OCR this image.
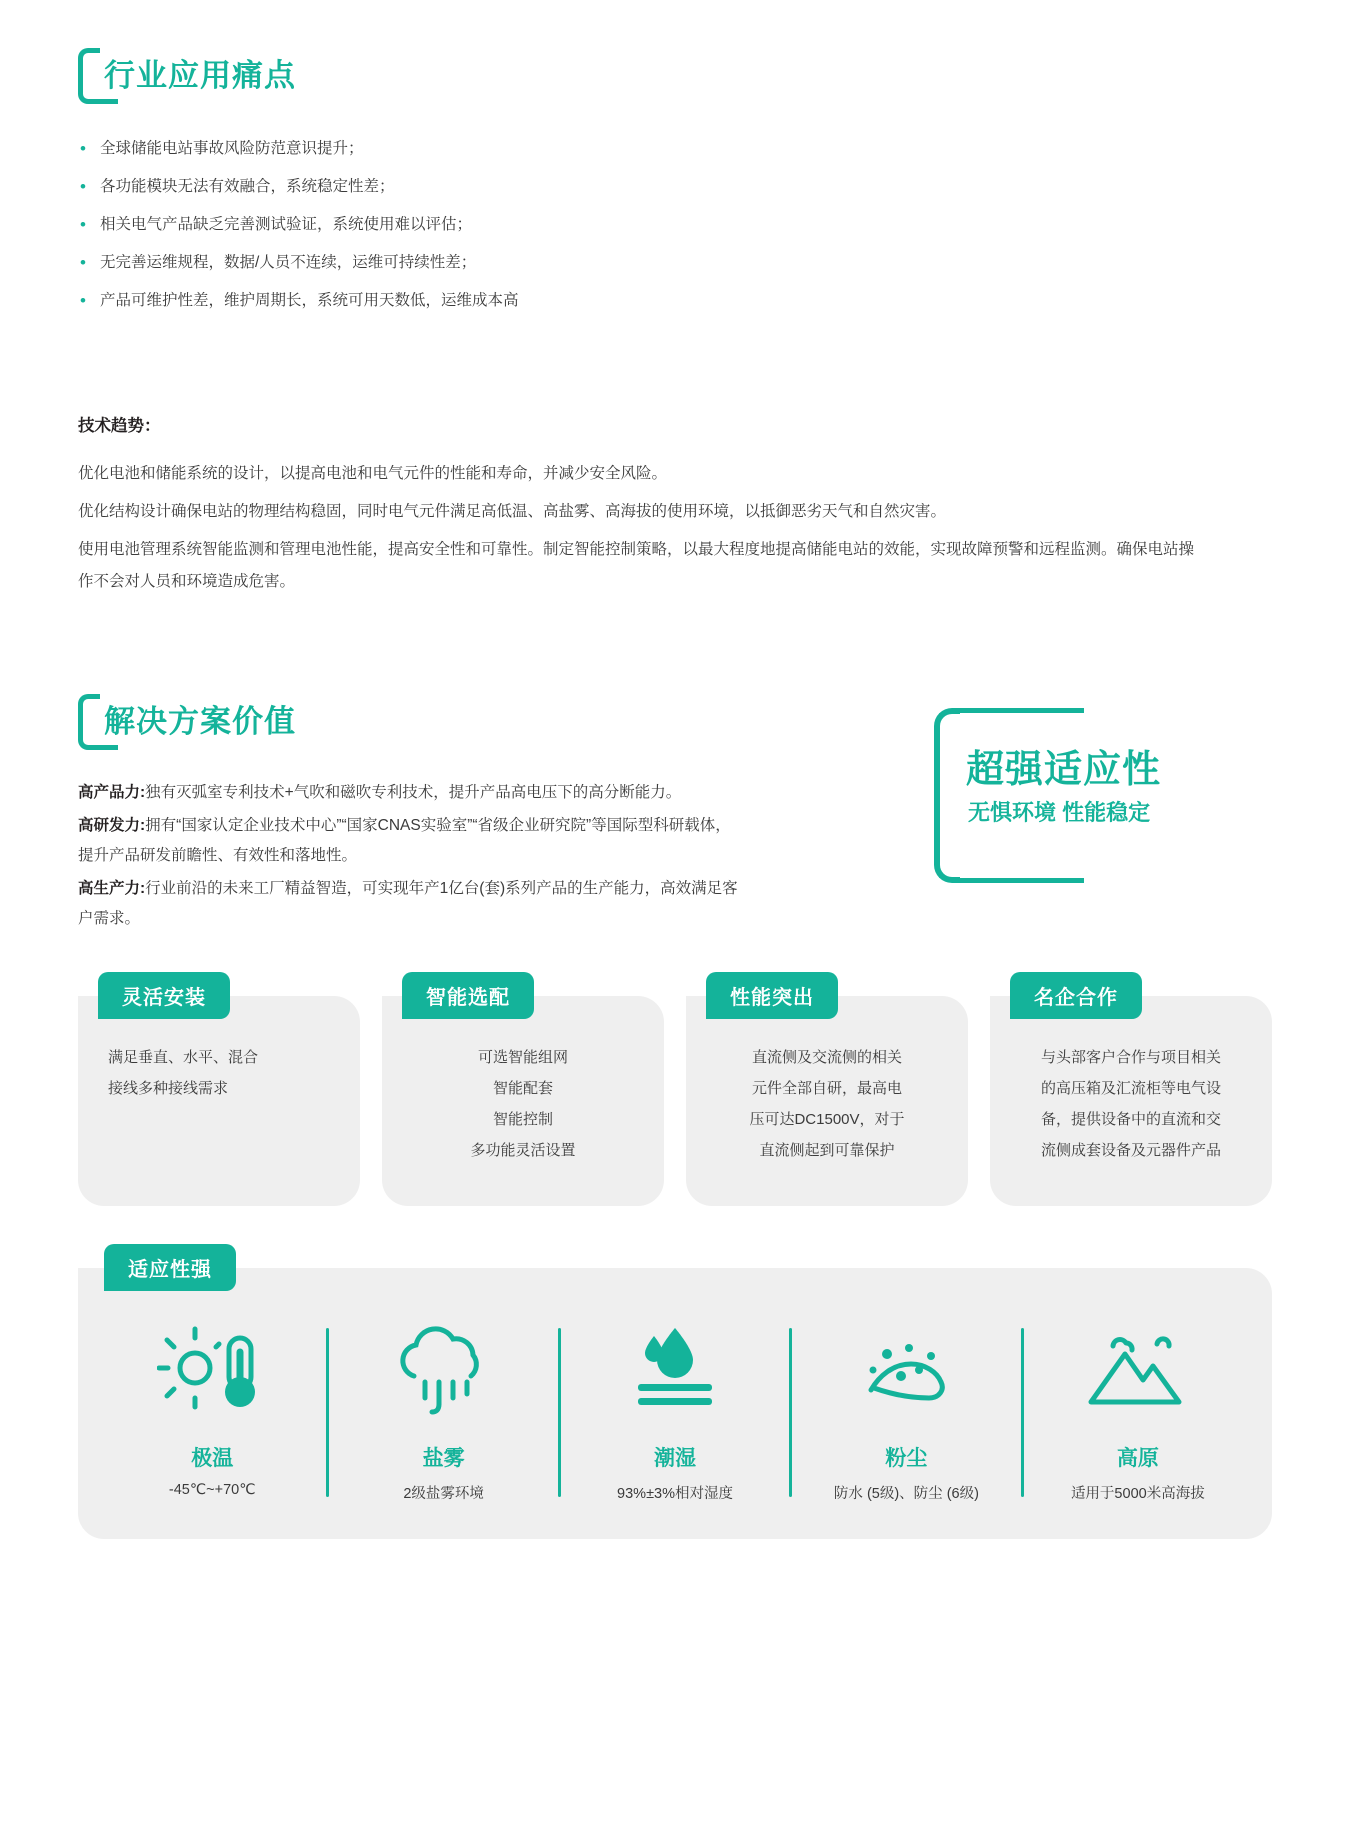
行业应用痛点
• 全球储能电站事故风险防范意识提升；
• 各功能模块无法有效融合，系统稳定性差；
• 相关电气产品缺乏完善测试验证，系统使用难以评估；
• 无完善运维规程，数据/人员不连续，运维可持续性差；
• 产品可维护性差，维护周期长，系统可用天数低，运维成本高
技术趋势：

优化电池和储能系统的设计，以提高电池和电气元件的性能和寿命，并减少安全风险。

优化结构设计确保电站的物理结构稳固，同时电气元件满足高低温、高盐雾、高海拔的使用环境，以抵御恶劣天气和自然灾害。

使用电池管理系统智能监测和管理电池性能，提高安全性和可靠性。制定智能控制策略，以最大程度地提高储能电站的效能，实现故障预警和远程监测。确保电站操作不会对人员和环境造成危害。

解决方案价值

高产品力:独有灭弧室专利技术+气吹和磁吹专利技术，提升产品高电压下的高分断能力。

高研发力:拥有“国家认定企业技术中心”“国家CNAS实验室”“省级企业研究院”等国际型科研载体，提升产品研发前瞻性、有效性和落地性。

高生产力:行业前沿的未来工厂精益智造，可实现年产1亿台(套)系列产品的生产能力，高效满足客户需求。

超强适应性
无惧环境 性能稳定
灵活安装
满足垂直、水平、混合
接线多种接线需求
智能选配
可选智能组网
智能配套
智能控制
多功能灵活设置
性能突出
直流侧及交流侧的相关
元件全部自研，最高电
压可达DC1500V，对于
直流侧起到可靠保护
名企合作
与头部客户合作与项目相关
的高压箱及汇流柜等电气设
备，提供设备中的直流和交
流侧成套设备及元器件产品
适应性强
极温
-45℃~+70℃
盐雾
2级盐雾环境
潮湿
93%±3%相对湿度
粉尘
防水 (5级)、防尘 (6级)
高原
适用于5000米高海拔
